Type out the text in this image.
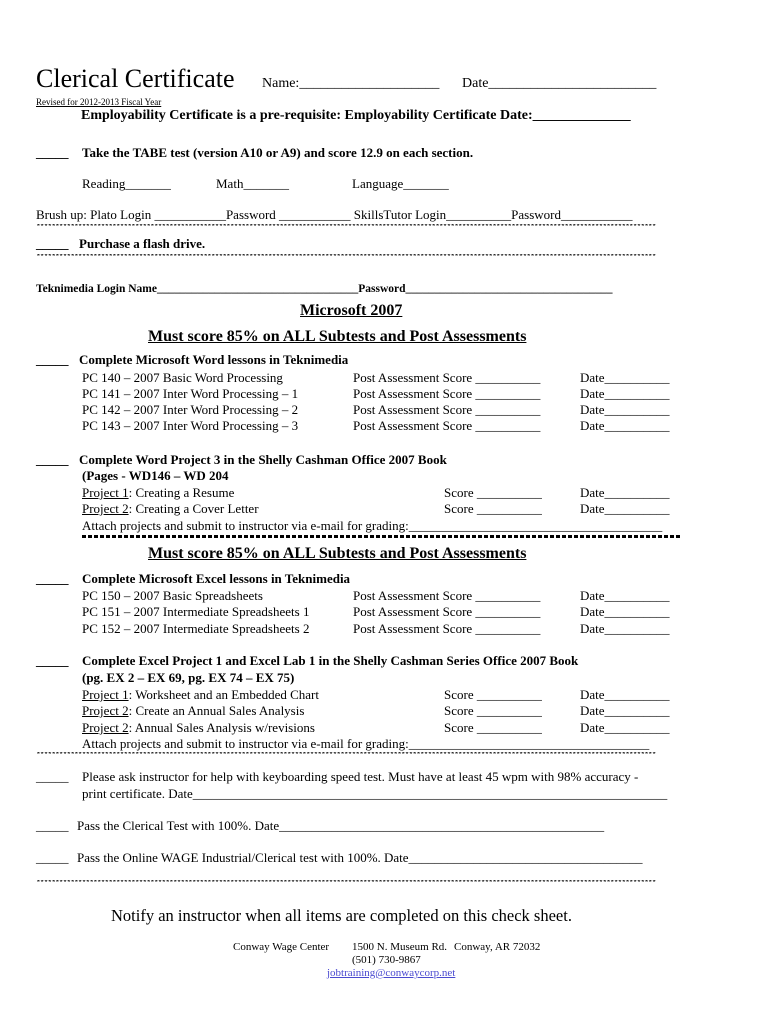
Clerical Certificate Name:____________________ Date________________________
Revised for 2012-2013 Fiscal Year
Employability Certificate is a pre-requisite: Employability Certificate Date:______________
_____ Take the TABE test (version A10 or A9) and score 12.9 on each section.
Reading_______	Math_______	Language_______
Brush up: Plato Login ___________Password ___________ SkillsTutor Login__________Password___________
*******************************************************************************************************************************************************************
_____ Purchase a flash drive.
*******************************************************************************************************************************************************************
Teknimedia Login Name___________________________________Password____________________________________
Microsoft 2007
Must score 85% on ALL Subtests and Post Assessments
_____ Complete Microsoft Word lessons in Teknimedia
PC 140 – 2007 Basic Word Processing	Post Assessment Score __________	Date__________
PC 141 – 2007 Inter Word Processing – 1	Post Assessment Score __________	Date__________
PC 142 – 2007 Inter Word Processing – 2	Post Assessment Score __________	Date__________
PC 143 – 2007 Inter Word Processing – 3	Post Assessment Score __________	Date__________
_____ Complete Word Project 3 in the Shelly Cashman Office 2007 Book
(Pages - WD146 – WD 204
Project 1: Creating a Resume	Score __________	Date__________
Project 2: Creating a Cover Letter	Score __________	Date__________
Attach projects and submit to instructor via e-mail for grading:_______________________________________
Must score 85% on ALL Subtests and Post Assessments
_____ Complete Microsoft Excel lessons in Teknimedia
PC 150 – 2007 Basic Spreadsheets	Post Assessment Score __________	Date__________
PC 151 – 2007 Intermediate Spreadsheets 1	Post Assessment Score __________	Date__________
PC 152 – 2007 Intermediate Spreadsheets 2	Post Assessment Score __________	Date__________
_____ Complete Excel Project 1 and Excel Lab 1 in the Shelly Cashman Series Office 2007 Book
(pg. EX 2 – EX 69, pg. EX 74 – EX 75)
Project 1: Worksheet and an Embedded Chart	Score __________	Date__________
Project 2: Create an Annual Sales Analysis	Score __________	Date__________
Project 2: Annual Sales Analysis w/revisions	Score __________	Date__________
Attach projects and submit to instructor via e-mail for grading:_____________________________________
*******************************************************************************************************************************************************************
_____ Please ask instructor for help with keyboarding speed test. Must have at least 45 wpm with 98% accuracy -
print certificate. Date_________________________________________________________________________
_____ Pass the Clerical Test with 100%. Date__________________________________________________
_____ Pass the Online WAGE Industrial/Clerical test with 100%. Date____________________________________
*******************************************************************************************************************************************************************
Notify an instructor when all items are completed on this check sheet.
Conway Wage Center 1500 N. Museum Rd. Conway, AR 72032
(501) 730-9867
jobtraining@conwaycorp.net
